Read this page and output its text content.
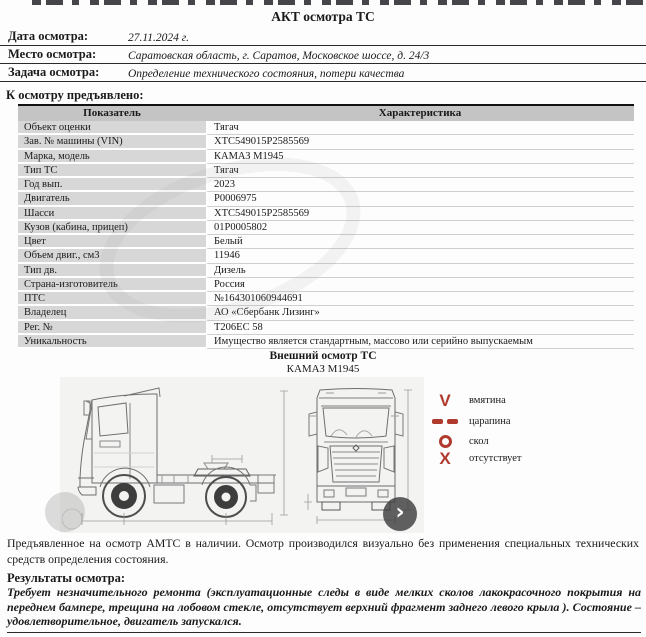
АКТ осмотра ТС
Дата осмотра:	27.11.2024 г.
Место осмотра:	Саратовская область, г. Саратов, Московское шоссе, д. 24/3
Задача осмотра:	Определение технического состояния, потери качества
К осмотру предъявлено:
Показатель	Характеристика
Объект оценки	Тягач
Зав. № машины (VIN)	XTC549015P2585569
Марка, модель	КАМАЗ М1945
Тип ТС	Тягач
Год вып.	2023
Двигатель	P0006975
Шасси	XTC549015P2585569
Кузов (кабина, прицеп)	01P0005802
Цвет	Белый
Объем двиг., см3	11946
Тип дв.	Дизель
Страна-изготовитель	Россия
ПТС	№164301060944691
Владелец	АО «Сбербанк Лизинг»
Рег. №	Т206ЕС 58
Уникальность	Имущество является стандартным, массово или серийно выпускаемым
Внешний осмотр ТС
КАМАЗ М1945
›
V	вмятина
царапина
скол
X	отсутствует
Предъявленное на осмотр АМТС в наличии. Осмотр производился визуально без применения специальных технических средств определения состояния.
Результаты осмотра:
Требует незначительного ремонта (эксплуатационные следы в виде мелких сколов лакокрасочного покрытия на переднем бампере, трещина на лобовом стекле, отсутствует верхний фрагмент заднего левого крыла ). Состояние – удовлетворительное, двигатель запускался.
